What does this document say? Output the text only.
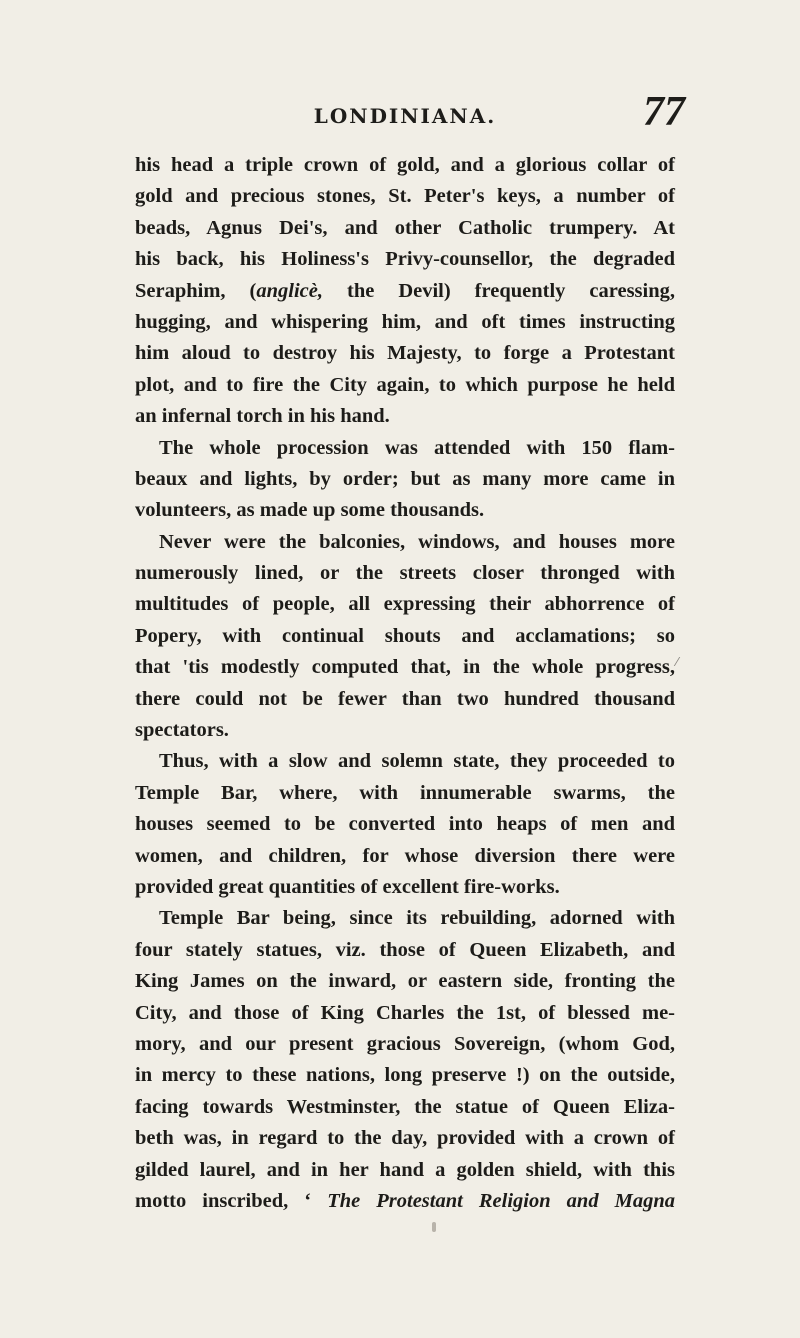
LONDINIANA.	77
his head a triple crown of gold, and a glorious collar of
gold and precious stones, St. Peter's keys, a number of
beads, Agnus Dei's, and other Catholic trumpery. At
his back, his Holiness's Privy-counsellor, the degraded
Seraphim, (anglicè, the Devil) frequently caressing,
hugging, and whispering him, and oft times instructing
him aloud to destroy his Majesty, to forge a Protestant
plot, and to fire the City again, to which purpose he held
an infernal torch in his hand.
The whole procession was attended with 150 flam-
beaux and lights, by order; but as many more came in
volunteers, as made up some thousands.
Never were the balconies, windows, and houses more
numerously lined, or the streets closer thronged with
multitudes of people, all expressing their abhorrence of
Popery, with continual shouts and acclamations; so
that 'tis modestly computed that, in the whole progress,
there could not be fewer than two hundred thousand
spectators.
Thus, with a slow and solemn state, they proceeded to
Temple Bar, where, with innumerable swarms, the
houses seemed to be converted into heaps of men and
women, and children, for whose diversion there were
provided great quantities of excellent fire-works.
Temple Bar being, since its rebuilding, adorned with
four stately statues, viz. those of Queen Elizabeth, and
King James on the inward, or eastern side, fronting the
City, and those of King Charles the 1st, of blessed me-
mory, and our present gracious Sovereign, (whom God,
in mercy to these nations, long preserve !) on the outside,
facing towards Westminster, the statue of Queen Eliza-
beth was, in regard to the day, provided with a crown of
gilded laurel, and in her hand a golden shield, with this
motto inscribed, ‘ The Protestant Religion and Magna
⁄
